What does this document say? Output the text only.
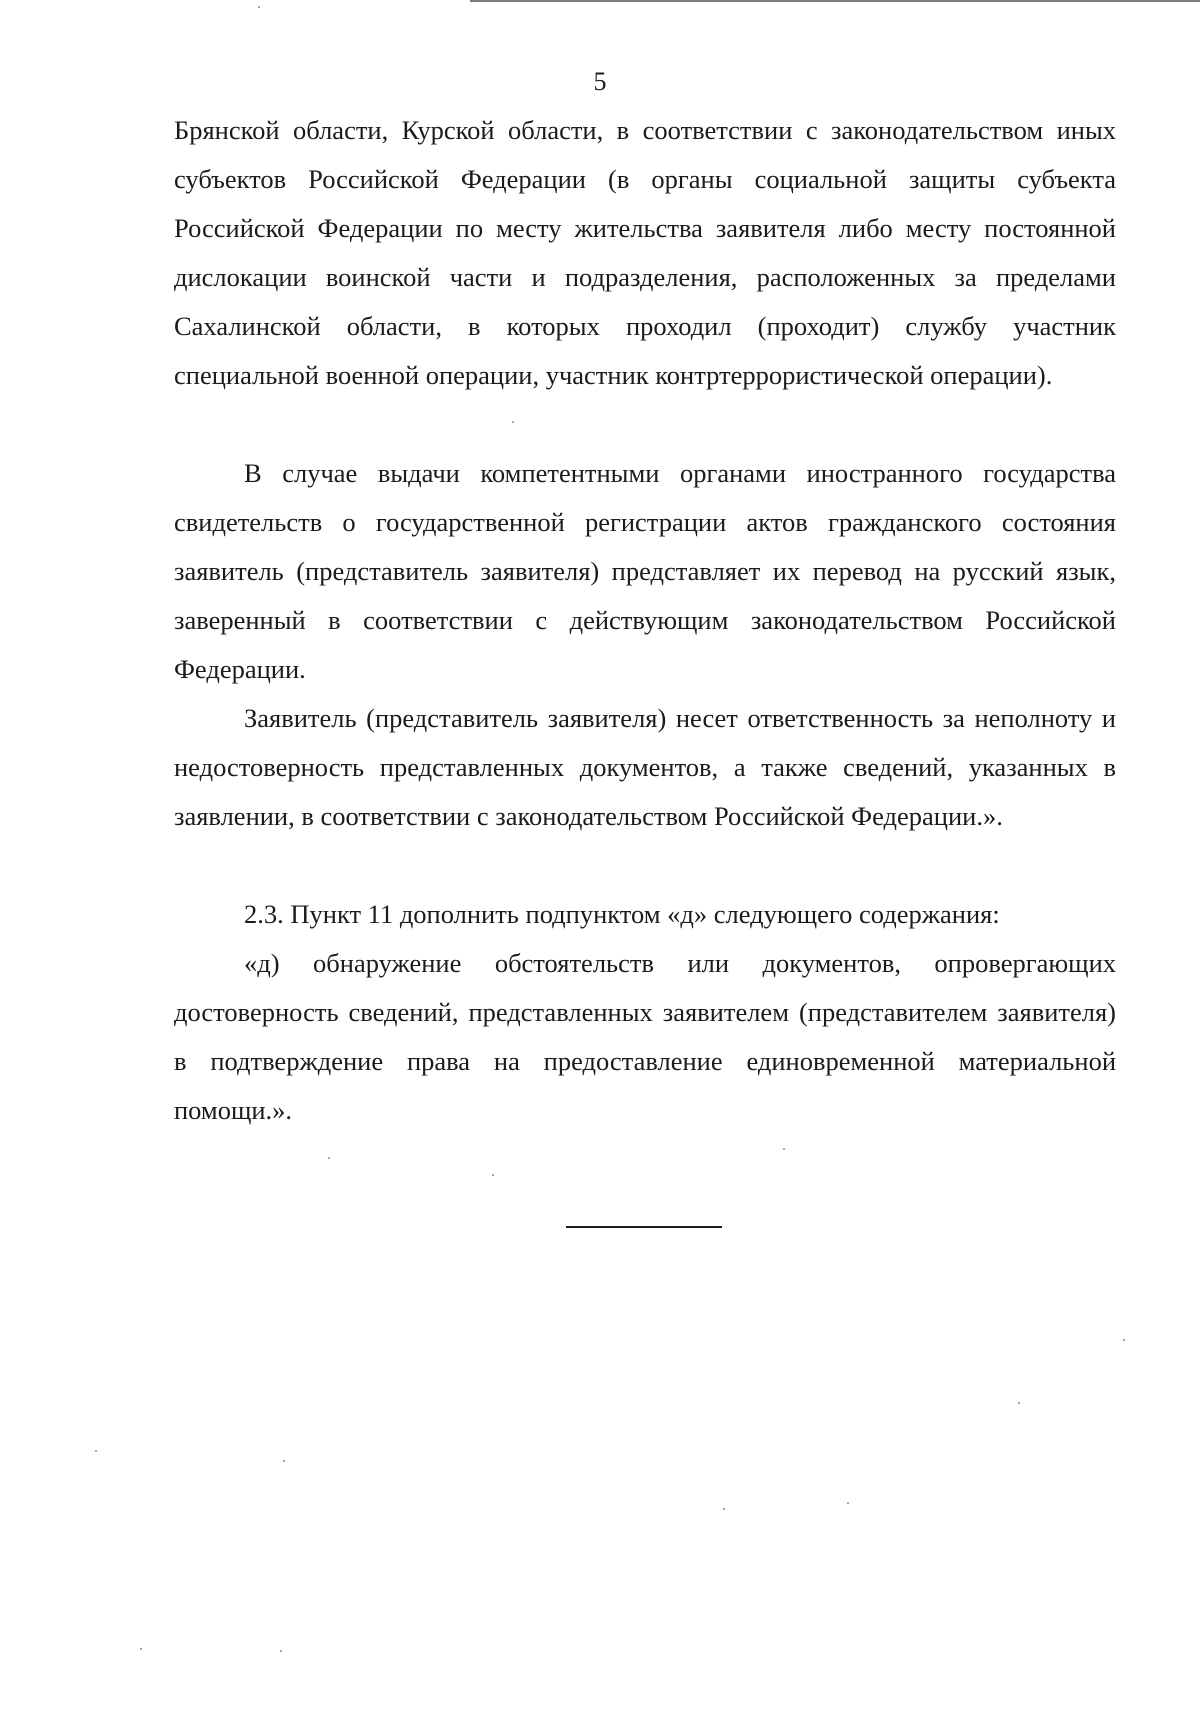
5

Брянской области, Курской области, в соответствии с законодательством иных субъектов Российской Федерации (в органы социальной защиты субъекта Российской Федерации по месту жительства заявителя либо месту постоянной дислокации воинской части и подразделения, расположенных за пределами Сахалинской области, в которых проходил (проходит) службу участник специальной военной операции, участник контртеррористической операции).

В случае выдачи компетентными органами иностранного государства свидетельств о государственной регистрации актов гражданского состояния заявитель (представитель заявителя) представляет их перевод на русский язык, заверенный в соответствии с действующим законодательством Российской Федерации.

Заявитель (представитель заявителя) несет ответственность за неполноту и недостоверность представленных документов, а также сведений, указанных в заявлении, в соответствии с законодательством Российской Федерации.».

2.3. Пункт 11 дополнить подпунктом «д» следующего содержания:

«д) обнаружение обстоятельств или документов, опровергающих достоверность сведений, представленных заявителем (представителем заявителя) в подтверждение права на предоставление единовременной материальной помощи.».
